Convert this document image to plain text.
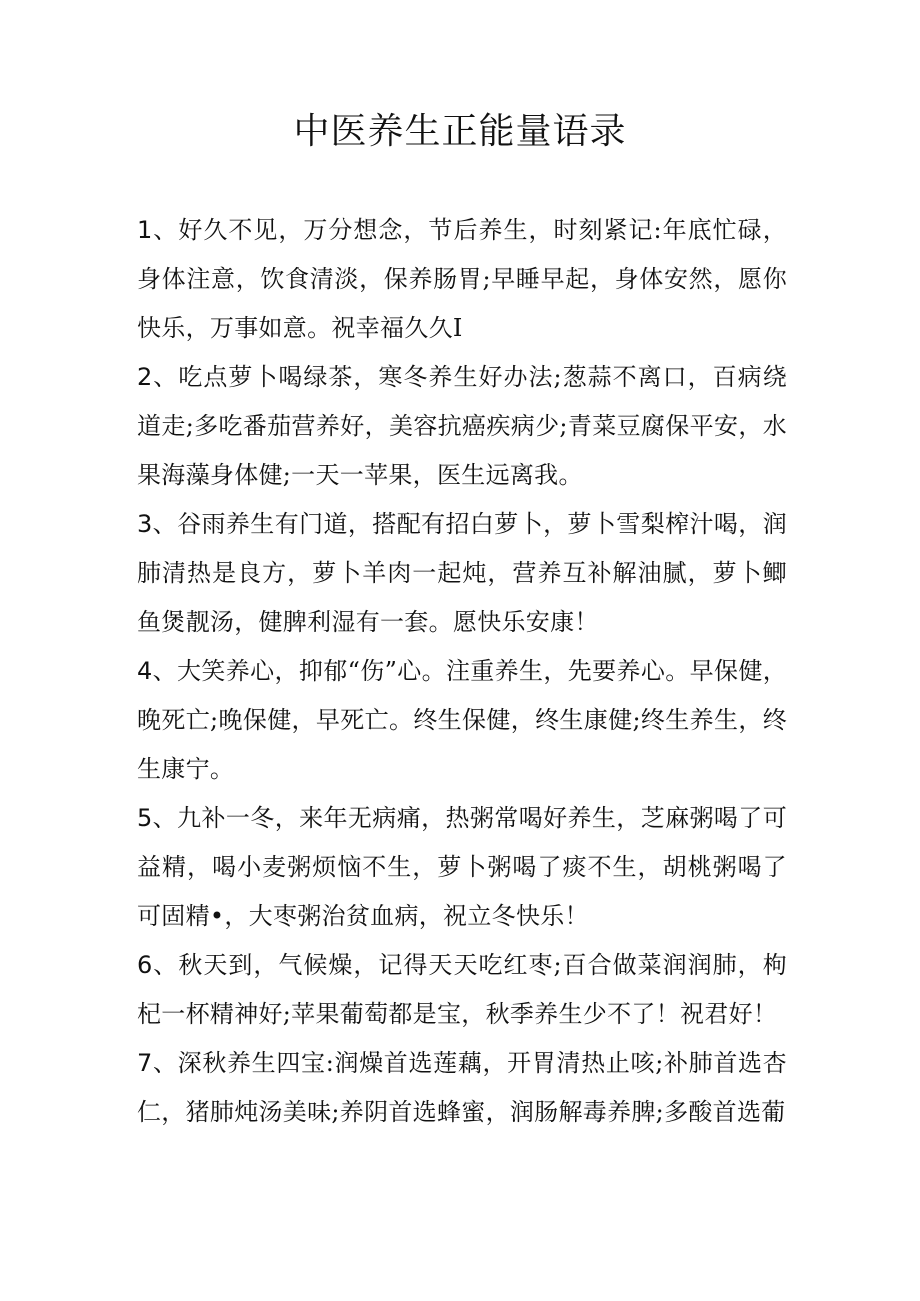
中医养生正能量语录

1、好久不见，万分想念，节后养生，时刻紧记:年底忙碌，身体注意，饮食清淡，保养肠胃;早睡早起，身体安然，愿你快乐，万事如意。祝幸福久久I

2、吃点萝卜喝绿茶，寒冬养生好办法;葱蒜不离口，百病绕道走;多吃番茄营养好，美容抗癌疾病少;青菜豆腐保平安，水果海藻身体健;一天一苹果，医生远离我。

3、谷雨养生有门道，搭配有招白萝卜，萝卜雪梨榨汁喝，润肺清热是良方，萝卜羊肉一起炖，营养互补解油腻，萝卜鲫鱼煲靓汤，健脾利湿有一套。愿快乐安康！

4、大笑养心，抑郁“伤”心。注重养生，先要养心。早保健，晚死亡;晚保健，早死亡。终生保健，终生康健;终生养生，终生康宁。

5、九补一冬，来年无病痛，热粥常喝好养生，芝麻粥喝了可益精，喝小麦粥烦恼不生，萝卜粥喝了痰不生，胡桃粥喝了可固精•，大枣粥治贫血病，祝立冬快乐！

6、秋天到，气候燥，记得天天吃红枣;百合做菜润润肺，枸杞一杯精神好;苹果葡萄都是宝，秋季养生少不了！祝君好！

7、深秋养生四宝:润燥首选莲藕，开胃清热止咳;补肺首选杏仁，猪肺炖汤美味;养阴首选蜂蜜，润肠解毒养脾;多酸首选葡
